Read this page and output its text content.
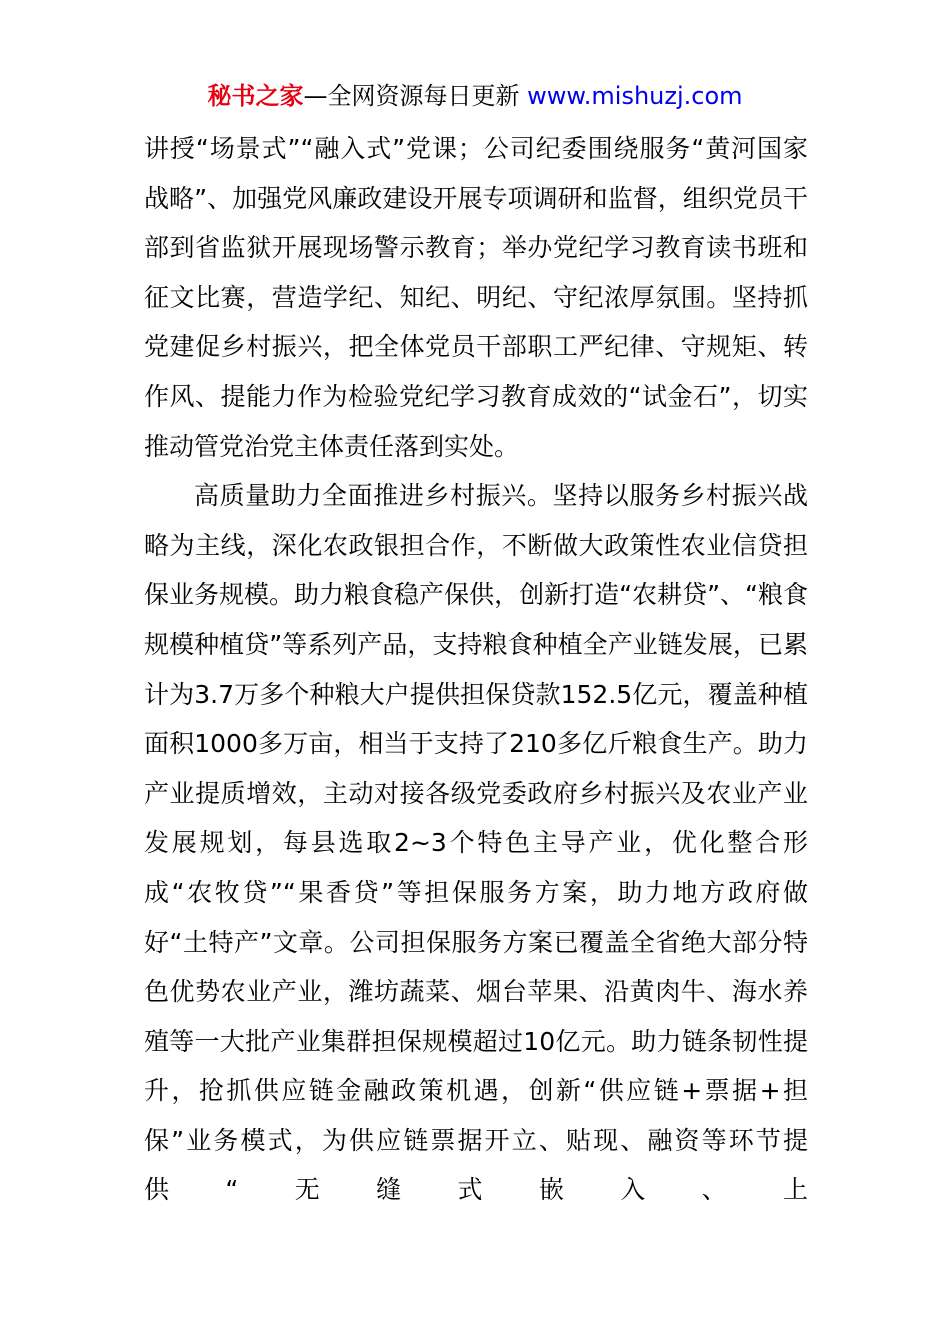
秘书之家—全网资源每日更新 www.mishuzj.com

讲授“场景式”“融入式”党课；公司纪委围绕服务“黄河国家战略”、加强党风廉政建设开展专项调研和监督，组织党员干部到省监狱开展现场警示教育；举办党纪学习教育读书班和征文比赛，营造学纪、知纪、明纪、守纪浓厚氛围。坚持抓党建促乡村振兴，把全体党员干部职工严纪律、守规矩、转作风、提能力作为检验党纪学习教育成效的“试金石”，切实推动管党治党主体责任落到实处。

高质量助力全面推进乡村振兴。坚持以服务乡村振兴战略为主线，深化农政银担合作，不断做大政策性农业信贷担保业务规模。助力粮食稳产保供，创新打造“农耕贷”、“粮食规模种植贷”等系列产品，支持粮食种植全产业链发展，已累计为3.7万多个种粮大户提供担保贷款152.5亿元，覆盖种植面积1000多万亩，相当于支持了210多亿斤粮食生产。助力产业提质增效，主动对接各级党委政府乡村振兴及农业产业发展规划，每县选取2~3个特色主导产业，优化整合形成“农牧贷”“果香贷”等担保服务方案，助力地方政府做好“土特产”文章。公司担保服务方案已覆盖全省绝大部分特色优势农业产业，潍坊蔬菜、烟台苹果、沿黄肉牛、海水养殖等一大批产业集群担保规模超过10亿元。助力链条韧性提升，抢抓供应链金融政策机遇，创新“供应链+票据+担保”业务模式，为供应链票据开立、贴现、融资等环节提供“无缝式嵌入、上
